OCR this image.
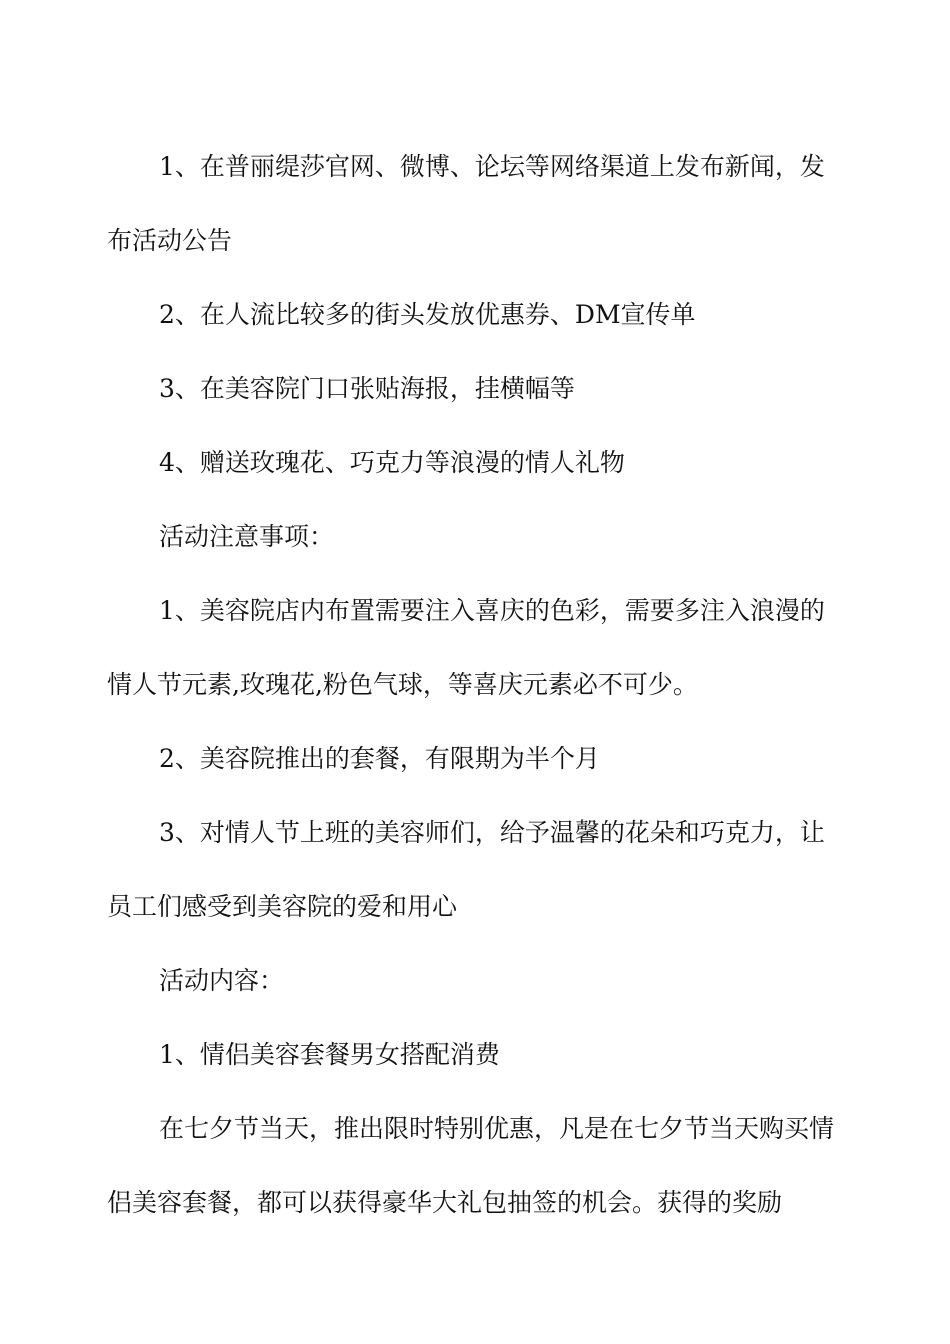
1、在普丽缇莎官网、微博、论坛等网络渠道上发布新闻，发布活动公告

2、在人流比较多的街头发放优惠券、DM宣传单

3、在美容院门口张贴海报，挂横幅等

4、赠送玫瑰花、巧克力等浪漫的情人礼物

活动注意事项：

1、美容院店内布置需要注入喜庆的色彩，需要多注入浪漫的情人节元素,玫瑰花,粉色气球，等喜庆元素必不可少。

2、美容院推出的套餐，有限期为半个月

3、对情人节上班的美容师们，给予温馨的花朵和巧克力，让员工们感受到美容院的爱和用心

活动内容：

1、情侣美容套餐男女搭配消费

在七夕节当天，推出限时特别优惠，凡是在七夕节当天购买情侣美容套餐，都可以获得豪华大礼包抽签的机会。获得的奖励
